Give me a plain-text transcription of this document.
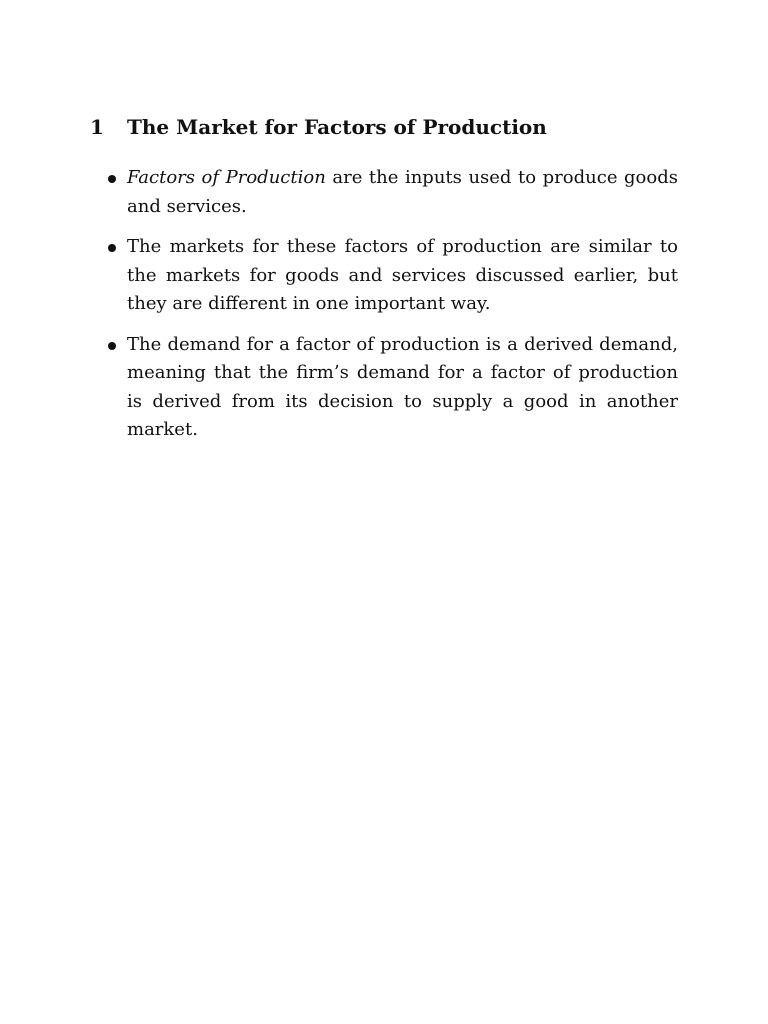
1 The Market for Factors of Production
Factors of Production are the inputs used to produce goods and services.
The markets for these factors of production are similar to the markets for goods and services discussed earlier, but they are different in one important way.
The demand for a factor of production is a derived demand, meaning that the firm’s demand for a factor of production is derived from its decision to supply a good in another market.
